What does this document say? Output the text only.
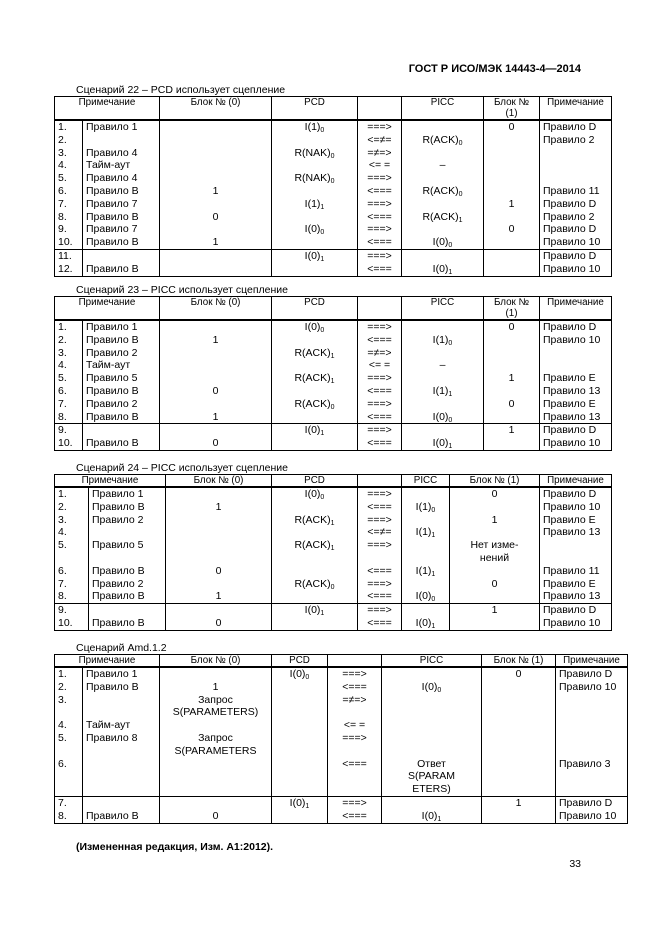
ГОСТ Р ИСО/МЭК 14443-4—2014
Сценарий 22 – PCD использует сцепление
Примечание		Блок № (0)	PCD		PICC	Блок № (1)	Примечание
1.	Правило 1		$I(1)_0$	===>		0	Правило D
2.				<=≠=	$R(ACK)_0$		Правило 2
3.	Правило 4		$R(NAK)_0$	=≠=>			
4.	Тайм-аут			<= =	–		
5.	Правило 4		$R(NAK)_0$	===>			
6.	Правило B	1		<===	$R(ACK)_0$		Правило 11
7.	Правило 7		$I(1)_1$	===>		1	Правило D
8.	Правило B	0		<===	$R(ACK)_1$		Правило 2
9.	Правило 7		$I(0)_0$	===>		0	Правило D
10.	Правило B	1		<===	$I(0)_0$		Правило 10
11.			$I(0)_1$	===>			Правило D
12.	Правило B			<===	$I(0)_1$		Правило 10
Сценарий 23 – PICC использует сцепление
Примечание		Блок № (0)	PCD		PICC	Блок № (1)	Примечание
1.	Правило 1		$I(0)_0$	===>		0	Правило D
2.	Правило B	1		<===	$I(1)_0$		Правило 10
3.	Правило 2		$R(ACK)_1$	=≠=>			
4.	Тайм-аут			<= =	–		
5.	Правило 5		$R(ACK)_1$	===>		1	Правило E
6.	Правило B	0		<===	$I(1)_1$		Правило 13
7.	Правило 2		$R(ACK)_0$	===>		0	Правило E
8.	Правило B	1		<===	$I(0)_0$		Правило 13
9.			$I(0)_1$	===>		1	Правило D
10.	Правило B	0		<===	$I(0)_1$		Правило 10
Сценарий 24 – PICC использует сцепление
Примечание		Блок № (0)	PCD		PICC	Блок № (1)	Примечание
1.	Правило 1		$I(0)_0$	===>		0	Правило D
2.	Правило B	1		<===	$I(1)_0$		Правило 10
3.	Правило 2		$R(ACK)_1$	===>		1	Правило E
4.				<=≠=	$I(1)_1$		Правило 13
5.	Правило 5		$R(ACK)_1$	===>		Нет изме-
нений	
6.	Правило B	0		<===	$I(1)_1$		Правило 11
7.	Правило 2		$R(ACK)_0$	===>		0	Правило E
8.	Правило B	1		<===	$I(0)_0$		Правило 13
9.			$I(0)_1$	===>		1	Правило D
10.	Правило B	0		<===	$I(0)_1$		Правило 10
Сценарий Amd.1.2
Примечание		Блок № (0)	PCD		PICC	Блок № (1)	Примечание
1.	Правило 1		$I(0)_0$	===>		0	Правило D
2.	Правило B	1		<===	$I(0)_0$		Правило 10
3.		Запрос
S(PARAMETERS)		=≠=>			
4.	Тайм-аут			<= =			
5.	Правило 8	Запрос
S(PARAMETERS		===>			
6.				<===	Ответ
S(PARAM
ETERS)		Правило 3
7.			$I(0)_1$	===>		1	Правило D
8.	Правило B	0		<===	$I(0)_1$		Правило 10
(Измененная редакция, Изм. А1:2012).
33
